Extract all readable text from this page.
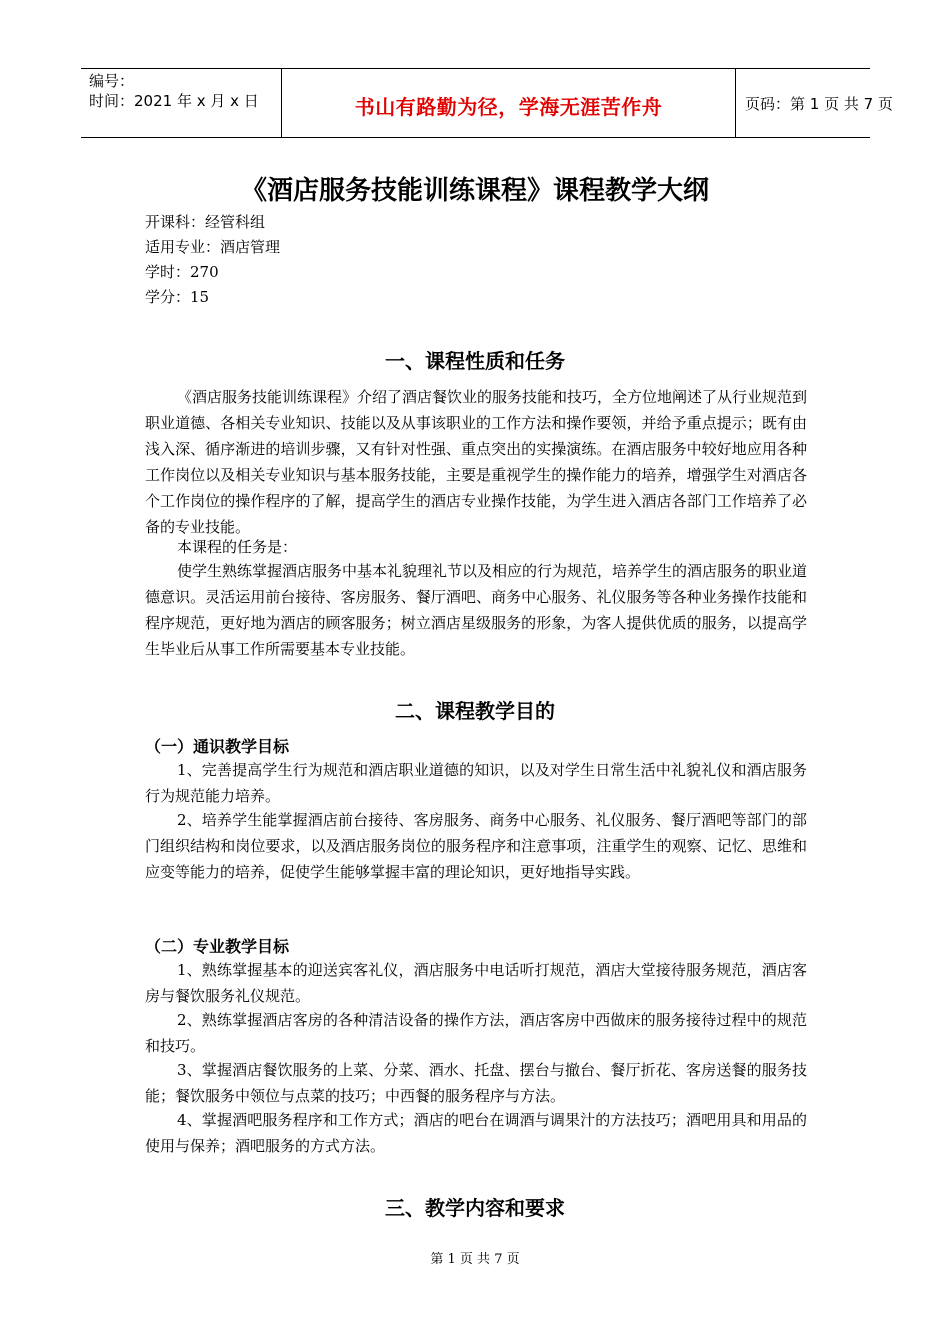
编号：
时间：2021 年 x 月 x 日	书山有路勤为径，学海无涯苦作舟	页码：第 1 页 共 7 页
《酒店服务技能训练课程》课程教学大纲
开课科：经管科组
适用专业：酒店管理
学时：270
学分：15
一、课程性质和任务

《酒店服务技能训练课程》介绍了酒店餐饮业的服务技能和技巧，全方位地阐述了从行业规范到职业道德、各相关专业知识、技能以及从事该职业的工作方法和操作要领，并给予重点提示；既有由浅入深、循序渐进的培训步骤，又有针对性强、重点突出的实操演练。在酒店服务中较好地应用各种工作岗位以及相关专业知识与基本服务技能，主要是重视学生的操作能力的培养，增强学生对酒店各个工作岗位的操作程序的了解，提高学生的酒店专业操作技能，为学生进入酒店各部门工作培养了必备的专业技能。

本课程的任务是：

使学生熟练掌握酒店服务中基本礼貌理礼节以及相应的行为规范，培养学生的酒店服务的职业道德意识。灵活运用前台接待、客房服务、餐厅酒吧、商务中心服务、礼仪服务等各种业务操作技能和程序规范，更好地为酒店的顾客服务；树立酒店星级服务的形象，为客人提供优质的服务，以提高学生毕业后从事工作所需要基本专业技能。

二、课程教学目的
（一）通识教学目标

1、完善提高学生行为规范和酒店职业道德的知识，以及对学生日常生活中礼貌礼仪和酒店服务行为规范能力培养。

2、培养学生能掌握酒店前台接待、客房服务、商务中心服务、礼仪服务、餐厅酒吧等部门的部门组织结构和岗位要求，以及酒店服务岗位的服务程序和注意事项，注重学生的观察、记忆、思维和应变等能力的培养，促使学生能够掌握丰富的理论知识，更好地指导实践。

（二）专业教学目标

1、熟练掌握基本的迎送宾客礼仪，酒店服务中电话听打规范，酒店大堂接待服务规范，酒店客房与餐饮服务礼仪规范。

2、熟练掌握酒店客房的各种清洁设备的操作方法，酒店客房中西做床的服务接待过程中的规范和技巧。

3、掌握酒店餐饮服务的上菜、分菜、酒水、托盘、摆台与撤台、餐厅折花、客房送餐的服务技能；餐饮服务中领位与点菜的技巧；中西餐的服务程序与方法。

4、掌握酒吧服务程序和工作方式；酒店的吧台在调酒与调果汁的方法技巧；酒吧用具和用品的使用与保养；酒吧服务的方式方法。

三、教学内容和要求
第 1 页 共 7 页
